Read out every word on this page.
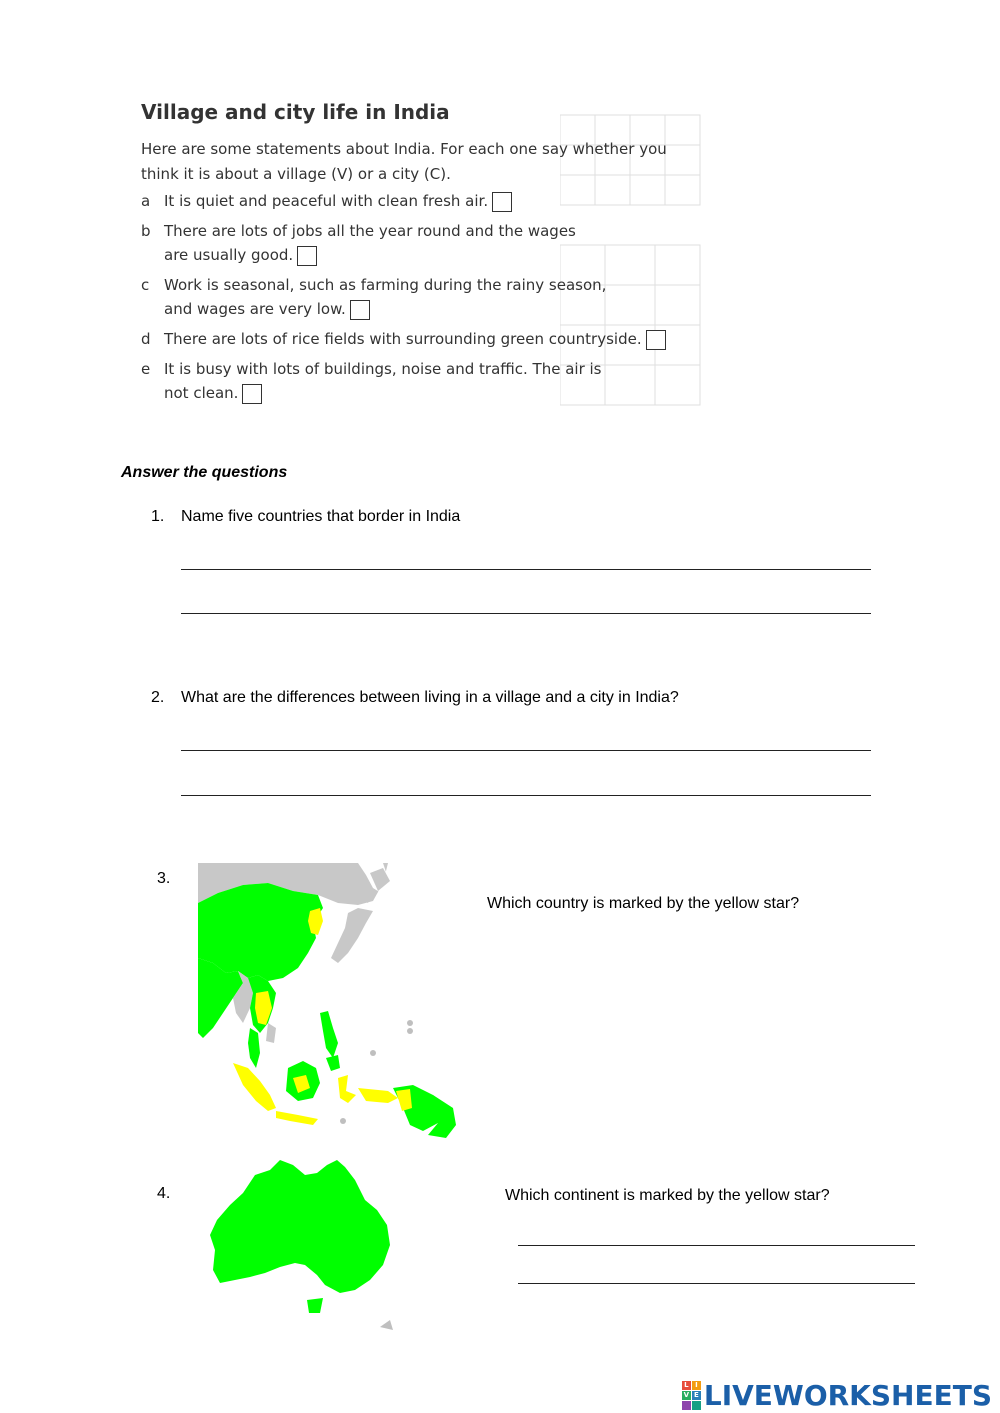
Village and city life in India
Here are some statements about India. For each one say whether you think it is about a village (V) or a city (C).
a It is quiet and peaceful with clean fresh air.
b There are lots of jobs all the year round and the wages
are usually good.
c Work is seasonal, such as farming during the rainy season,
and wages are very low.
d There are lots of rice fields with surrounding green countryside.
e It is busy with lots of buildings, noise and traffic. The air is
not clean.
Answer the questions
1. Name five countries that border in India
2. What are the differences between living in a village and a city in India?
3.
Which country is marked by the yellow star?
4.	Which continent is marked by the yellow star?
L I
V E LIVEWORKSHEETS
